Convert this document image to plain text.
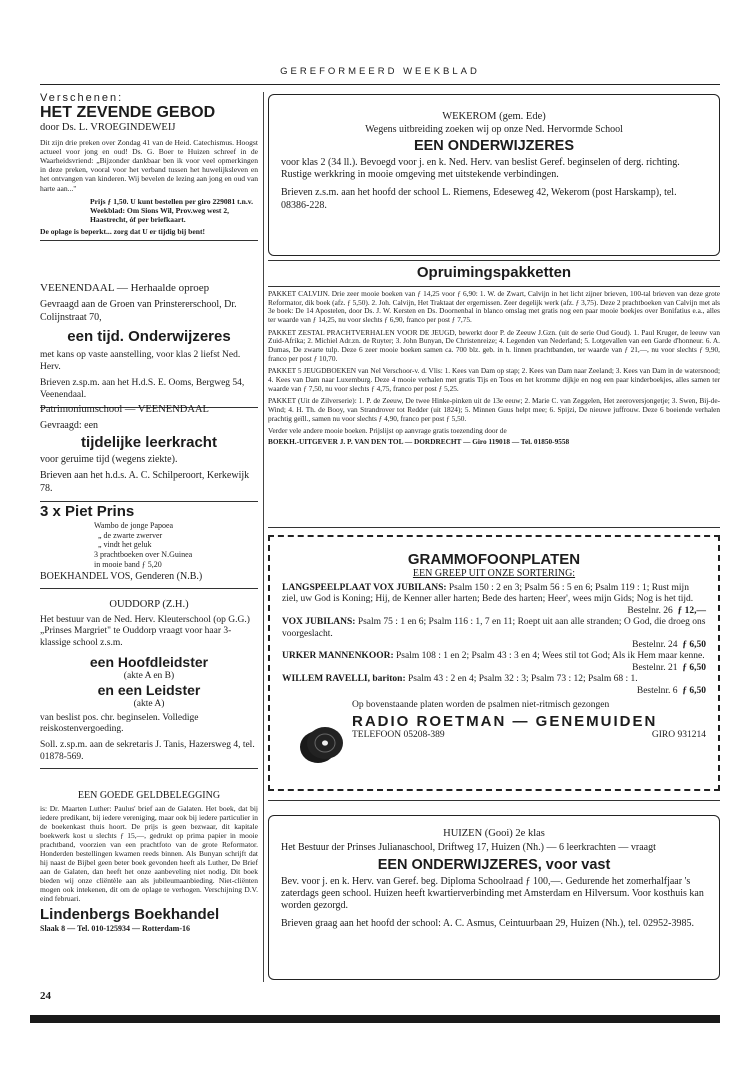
GEREFORMEERD WEEKBLAD

Verschenen:

HET ZEVENDE GEBOD

door Ds. L. VROEGINDEWEIJ

Dit zijn drie preken over Zondag 41 van de Heid. Catechismus. Hoogst actueel voor jong en oud! Ds. G. Boer te Huizen schreef in de Waarheidsvriend: „Bijzonder dankbaar ben ik voor veel opmerkingen in deze preken, vooral voor het verband tussen het huwelijksleven en het ontvangen van kinderen. Wij bevelen de lezing aan jong en oud van harte aan..."

Prijs ƒ 1,50. U kunt bestellen per giro 229081 t.n.v. Weekblad: Om Sions Wil, Prov.weg west 2, Haastrecht, óf per briefkaart.

De oplage is beperkt... zorg dat U er tijdig bij bent!

VEENENDAAL — Herhaalde oproep

Gevraagd aan de Groen van Prinstererschool, Dr. Colijnstraat 70,

een tijd. Onderwijzeres

met kans op vaste aanstelling, voor klas 2 liefst Ned. Herv.

Brieven z.sp.m. aan het H.d.S. E. Ooms, Bergweg 54, Veenendaal.

Patrimoniumschool — VEENENDAAL

Gevraagd: een

tijdelijke leerkracht

voor geruime tijd (wegens ziekte).

Brieven aan het h.d.s. A. C. Schilperoort, Kerkewijk 78.

3 x Piet Prins

Wambo de jonge Papoea

„ de zwarte zwerver

„ vindt het geluk

3 prachtboeken over N.Guinea

in mooie band ƒ 5,20

BOEKHANDEL VOS, Genderen (N.B.)

OUDDORP (Z.H.)

Het bestuur van de Ned. Herv. Kleuterschool (op G.G.) „Prinses Margriet" te Ouddorp vraagt voor haar 3-klassige school z.s.m.

een Hoofdleidster

(akte A en B)

en een Leidster

(akte A)

van beslist pos. chr. beginselen. Volledige reiskostenvergoeding.

Soll. z.sp.m. aan de sekretaris J. Tanis, Hazersweg 4, tel. 01878-569.

EEN GOEDE GELDBELEGGING

is: Dr. Maarten Luther: Paulus' brief aan de Galaten. Het boek, dat bij iedere predikant, bij iedere vereniging, maar ook bij iedere particulier in de boekenkast thuis hoort. De prijs is geen bezwaar, dit kapitale boekwerk kost u slechts ƒ 15,—, gedrukt op prima papier in mooie prachtband, voorzien van een prachtfoto van de grote Reformator. Honderden bestellingen kwamen reeds binnen. Als Bunyan schrijft dat hij naast de Bijbel geen beter boek gevonden heeft als Luther, De Brief aan de Galaten, dan heeft het onze aanbeveling niet nodig. Dit boek bieden wij onze cliëntèle aan als jubileumaanbieding. Niet-cliënten mogen ook intekenen, dit om de oplage te verhogen. Verschijning D.V. eind februari.

Lindenbergs Boekhandel

Slaak 8 — Tel. 010-125934 — Rotterdam-16

24

WEKEROM (gem. Ede)

Wegens uitbreiding zoeken wij op onze Ned. Hervormde School

EEN ONDERWIJZERES

voor klas 2 (34 ll.). Bevoegd voor j. en k. Ned. Herv. van beslist Geref. beginselen of derg. richting. Rustige werkkring in mooie omgeving met uitstekende verbindingen.

Brieven z.s.m. aan het hoofd der school L. Riemens, Edeseweg 42, Wekerom (post Harskamp), tel. 08386-228.

Opruimingspakketten

PAKKET CALVIJN. Drie zeer mooie boeken van ƒ 14,25 voor ƒ 6,90: 1. W. de Zwart, Calvijn in het licht zijner brieven, 100-tal brieven van deze grote Reformator, dik boek (afz. ƒ 5,50). 2. Joh. Calvijn, Het Traktaat der ergernissen. Zeer degelijk werk (afz. ƒ 3,75). Deze 2 prachtboeken van Calvijn met als 3e boek: De 14 Apostelen, door Ds. J. W. Kersten en Ds. Doornenbal in blanco omslag met gratis nog een paar mooie boekjes over Bonifatius e.a., alles ter waarde van ƒ 14,25, nu voor slechts ƒ 6,90, franco per post ƒ 7,75.

PAKKET ZESTAL PRACHTVERHALEN VOOR DE JEUGD, bewerkt door P. de Zeeuw J.Gzn. (uit de serie Oud Goud). 1. Paul Kruger, de leeuw van Zuid-Afrika; 2. Michiel Adr.zn. de Ruyter; 3. John Bunyan, De Christenreize; 4. Legenden van Nederland; 5. Lotgevallen van een Garde d'honneur. 6. A. Dumas, De zwarte tulp. Deze 6 zeer mooie boeken samen ca. 700 blz. geb. in h. linnen prachtbanden, ter waarde van ƒ 21,—, nu voor slechts ƒ 9,90, franco per post ƒ 10,70.

PAKKET 5 JEUGDBOEKEN van Nel Verschoor-v. d. Vlis: 1. Kees van Dam op stap; 2. Kees van Dam naar Zeeland; 3. Kees van Dam in de watersnood; 4. Kees van Dam naar Luxemburg. Deze 4 mooie verhalen met gratis Tijs en Toos en het kromme dijkje en nog een paar kinderboekjes, alles samen ter waarde van ƒ 7,50, nu voor slechts ƒ 4,75, franco per post ƒ 5,25.

PAKKET (Uit de Zilverserie): 1. P. de Zeeuw, De twee Hinke-pinken uit de 13e eeuw; 2. Marie C. van Zeggelen, Het zeeroversjongetje; 3. Swen, Bij-de-Wind; 4. H. Th. de Booy, van Strandrover tot Redder (uit 1824); 5. Minnen Guus helpt mee; 6. Spijzi, De nieuwe juffrouw. Deze 6 boeiende verhalen prachtig geïll., samen nu voor slechts ƒ 4,90, franco per post ƒ 5,50.

Verder vele andere mooie boeken. Prijslijst op aanvrage gratis toezending door de

BOEKH.-UITGEVER J. P. VAN DEN TOL — DORDRECHT — Giro 119018 — Tel. 01850-9558

GRAMMOFOONPLATEN

EEN GREEP UIT ONZE SORTERING:

LANGSPEELPLAAT VOX JUBILANS: Psalm 150 : 2 en 3; Psalm 56 : 5 en 6; Psalm 119 : 1; Rust mijn ziel, uw God is Koning; Hij, de Kenner aller harten; Bede des harten; Heer', wees mijn Gids; Nog is het tijd.

Bestelnr. 26 ƒ 12,—

VOX JUBILANS: Psalm 75 : 1 en 6; Psalm 116 : 1, 7 en 11; Roept uit aan alle stranden; O God, die droeg ons voorgeslacht.

Bestelnr. 24 ƒ 6,50

URKER MANNENKOOR: Psalm 108 : 1 en 2; Psalm 43 : 3 en 4; Wees stil tot God; Als ik Hem maar kenne.

Bestelnr. 21 ƒ 6,50

WILLEM RAVELLI, bariton: Psalm 43 : 2 en 4; Psalm 32 : 3; Psalm 73 : 12; Psalm 68 : 1.

Bestelnr. 6 ƒ 6,50

Op bovenstaande platen worden de psalmen niet-ritmisch gezongen

RADIO ROETMAN — GENEMUIDEN

TELEFOON 05208-389	GIRO 931214

HUIZEN (Gooi) 2e klas

Het Bestuur der Prinses Julianaschool, Driftweg 17, Huizen (Nh.) — 6 leerkrachten — vraagt

EEN ONDERWIJZERES, voor vast

Bev. voor j. en k. Herv. van Geref. beg. Diploma Schoolraad ƒ 100,—. Gedurende het zomerhalfjaar 's zaterdags geen school. Huizen heeft kwartierverbinding met Amsterdam en Hilversum. Voor kosthuis kan worden gezorgd.

Brieven graag aan het hoofd der school: A. C. Asmus, Ceintuurbaan 29, Huizen (Nh.), tel. 02952-3985.
